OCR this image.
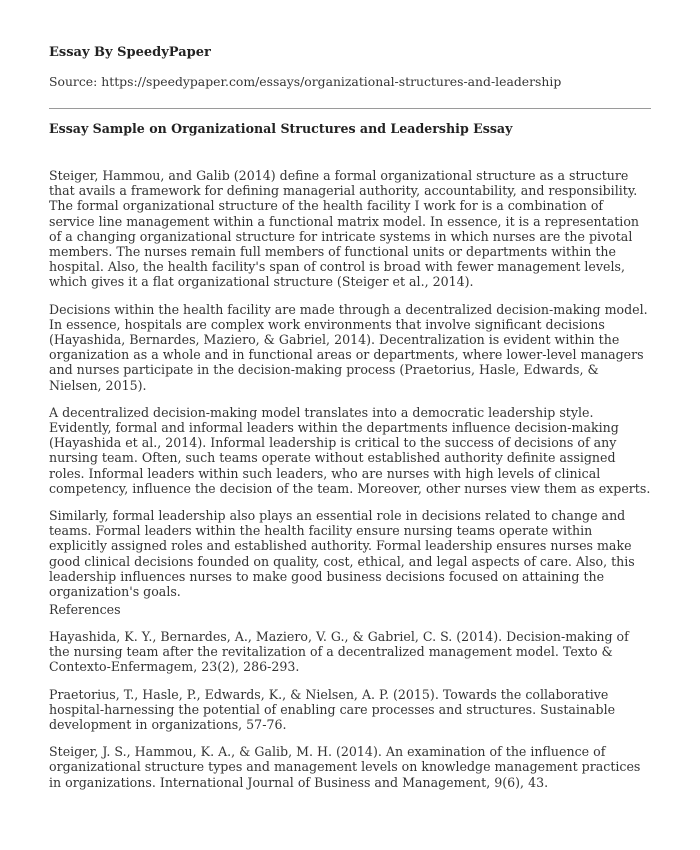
Essay By SpeedyPaper
Source: https://speedypaper.com/essays/organizational-structures-and-leadership
Essay Sample on Organizational Structures and Leadership Essay

Steiger, Hammou, and Galib (2014) define a formal organizational structure as a structure that avails a framework for defining managerial authority, accountability, and responsibility. The formal organizational structure of the health facility I work for is a combination of service line management within a functional matrix model. In essence, it is a representation of a changing organizational structure for intricate systems in which nurses are the pivotal members. The nurses remain full members of functional units or departments within the hospital. Also, the health facility's span of control is broad with fewer management levels, which gives it a flat organizational structure (Steiger et al., 2014).

Decisions within the health facility are made through a decentralized decision-making model. In essence, hospitals are complex work environments that involve significant decisions (Hayashida, Bernardes, Maziero, & Gabriel, 2014). Decentralization is evident within the organization as a whole and in functional areas or departments, where lower-level managers and nurses participate in the decision-making process (Praetorius, Hasle, Edwards, & Nielsen, 2015).

A decentralized decision-making model translates into a democratic leadership style. Evidently, formal and informal leaders within the departments influence decision-making (Hayashida et al., 2014). Informal leadership is critical to the success of decisions of any nursing team. Often, such teams operate without established authority definite assigned roles. Informal leaders within such leaders, who are nurses with high levels of clinical competency, influence the decision of the team. Moreover, other nurses view them as experts.

Similarly, formal leadership also plays an essential role in decisions related to change and teams. Formal leaders within the health facility ensure nursing teams operate within explicitly assigned roles and established authority. Formal leadership ensures nurses make good clinical decisions founded on quality, cost, ethical, and legal aspects of care. Also, this leadership influences nurses to make good business decisions focused on attaining the organization's goals.

References

Hayashida, K. Y., Bernardes, A., Maziero, V. G., & Gabriel, C. S. (2014). Decision-making of the nursing team after the revitalization of a decentralized management model. Texto & Contexto-Enfermagem, 23(2), 286-293.

Praetorius, T., Hasle, P., Edwards, K., & Nielsen, A. P. (2015). Towards the collaborative hospital-harnessing the potential of enabling care processes and structures. Sustainable development in organizations, 57-76.

Steiger, J. S., Hammou, K. A., & Galib, M. H. (2014). An examination of the influence of organizational structure types and management levels on knowledge management practices in organizations. International Journal of Business and Management, 9(6), 43.
